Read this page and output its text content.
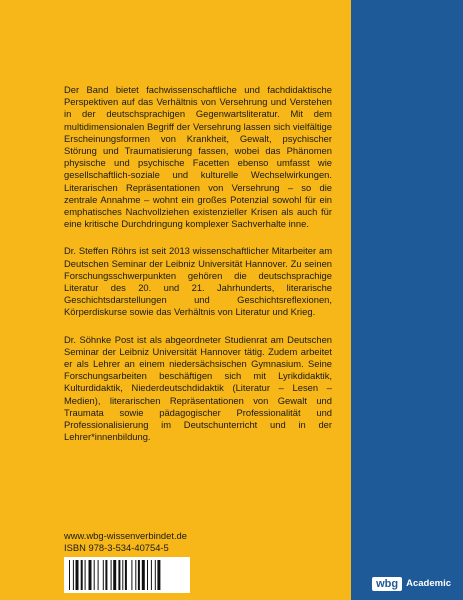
Der Band bietet fachwissenschaftliche und fachdidaktische Perspektiven auf das Verhältnis von Versehrung und Verstehen in der deutschsprachigen Gegenwartsliteratur. Mit dem multidimensionalen Begriff der Versehrung lassen sich vielfältige Erscheinungsformen von Krankheit, Gewalt, psychischer Störung und Traumatisierung fassen, wobei das Phänomen physische und psychische Facetten ebenso umfasst wie gesellschaftlich-soziale und kulturelle Wechselwirkungen. Literarischen Repräsentationen von Versehrung – so die zentrale Annahme – wohnt ein großes Potenzial sowohl für ein emphatisches Nachvollziehen existenzieller Krisen als auch für eine kritische Durchdringung komplexer Sachverhalte inne.

Dr. Steffen Röhrs ist seit 2013 wissenschaftlicher Mitarbeiter am Deutschen Seminar der Leibniz Universität Hannover. Zu seinen Forschungsschwerpunkten gehören die deutschsprachige Literatur des 20. und 21. Jahrhunderts, literarische Geschichtsdarstellungen und Geschichtsreflexionen, Körperdiskurse sowie das Verhältnis von Literatur und Krieg.

Dr. Söhnke Post ist als abgeordneter Studienrat am Deutschen Seminar der Leibniz Universität Hannover tätig. Zudem arbeitet er als Lehrer an einem niedersächsischen Gymnasium. Seine Forschungsarbeiten beschäftigen sich mit Lyrikdidaktik, Kulturdidaktik, Niederdeutschdidaktik (Literatur – Lesen – Medien), literarischen Repräsentationen von Gewalt und Traumata sowie pädagogischer Professionalität und Professionalisierung im Deutschunterricht und in der Lehrer*innenbildung.

www.wbg-wissenverbindet.de
ISBN 978-3-534-40754-5
wbg Academic
